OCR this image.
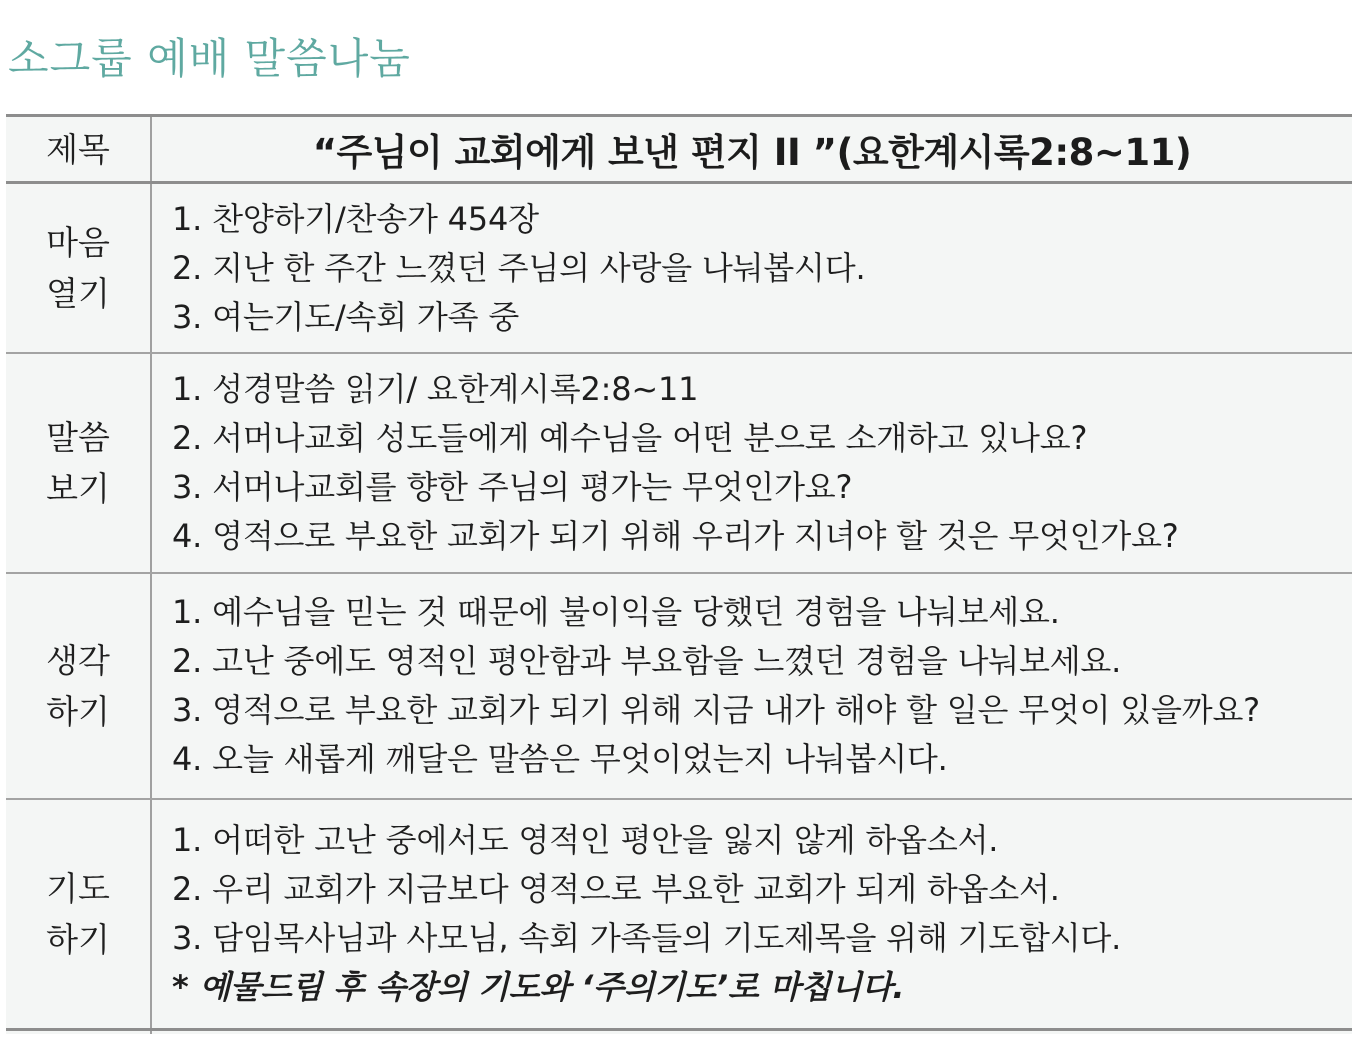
소그룹 예배 말씀나눔
제목	“주님이 교회에게 보낸 편지 II ”(요한계시록2:8~11)
마음
열기
1. 찬양하기/찬송가 454장
2. 지난 한 주간 느꼈던 주님의 사랑을 나눠봅시다.
3. 여는기도/속회 가족 중
말씀
보기
1. 성경말씀 읽기/ 요한계시록2:8~11
2. 서머나교회 성도들에게 예수님을 어떤 분으로 소개하고 있나요?
3. 서머나교회를 향한 주님의 평가는 무엇인가요?
4. 영적으로 부요한 교회가 되기 위해 우리가 지녀야 할 것은 무엇인가요?
생각
하기
1. 예수님을 믿는 것 때문에 불이익을 당했던 경험을 나눠보세요.
2. 고난 중에도 영적인 평안함과 부요함을 느꼈던 경험을 나눠보세요.
3. 영적으로 부요한 교회가 되기 위해 지금 내가 해야 할 일은 무엇이 있을까요?
4. 오늘 새롭게 깨달은 말씀은 무엇이었는지 나눠봅시다.
기도
하기
1. 어떠한 고난 중에서도 영적인 평안을 잃지 않게 하옵소서.
2. 우리 교회가 지금보다 영적으로 부요한 교회가 되게 하옵소서.
3. 담임목사님과 사모님, 속회 가족들의 기도제목을 위해 기도합시다.
* 예물드림 후 속장의 기도와 ‘주의기도’로 마칩니다.
